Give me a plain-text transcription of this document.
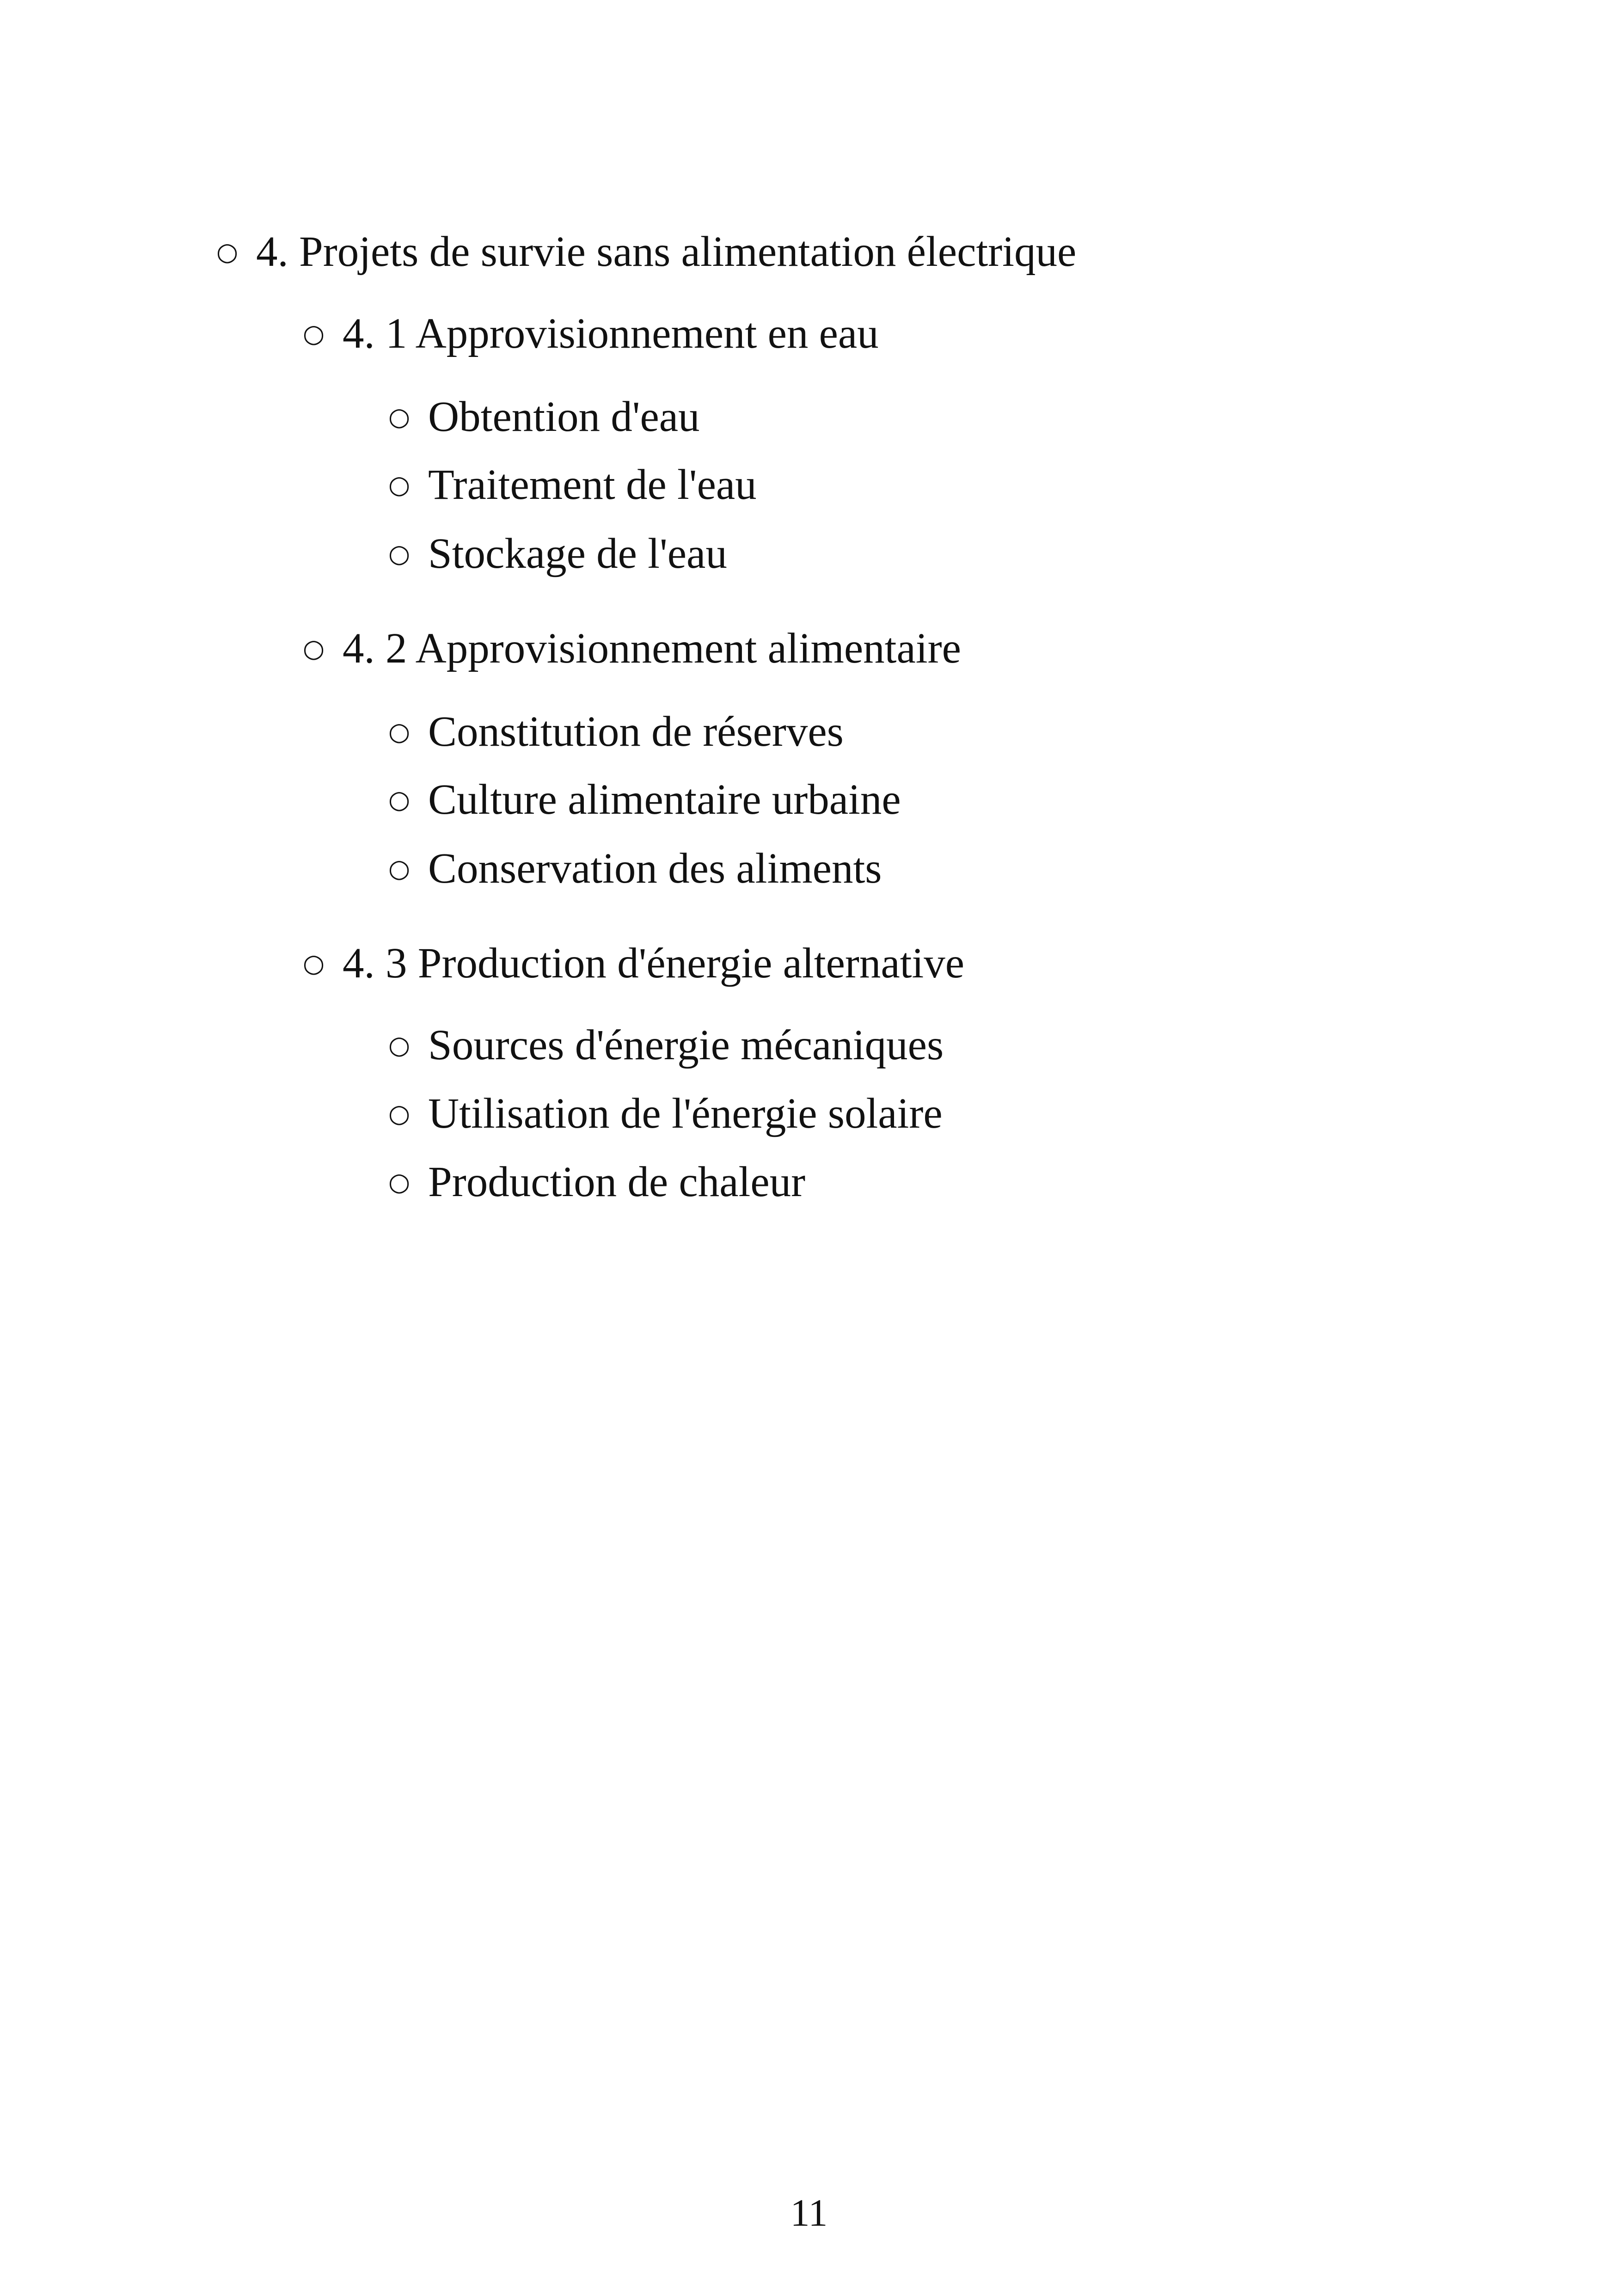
○ 4. Projets de survie sans alimentation électrique
○ 4. 1 Approvisionnement en eau
○ Obtention d'eau
○ Traitement de l'eau
○ Stockage de l'eau
○ 4. 2 Approvisionnement alimentaire
○ Constitution de réserves
○ Culture alimentaire urbaine
○ Conservation des aliments
○ 4. 3 Production d'énergie alternative
○ Sources d'énergie mécaniques
○ Utilisation de l'énergie solaire
○ Production de chaleur
11
